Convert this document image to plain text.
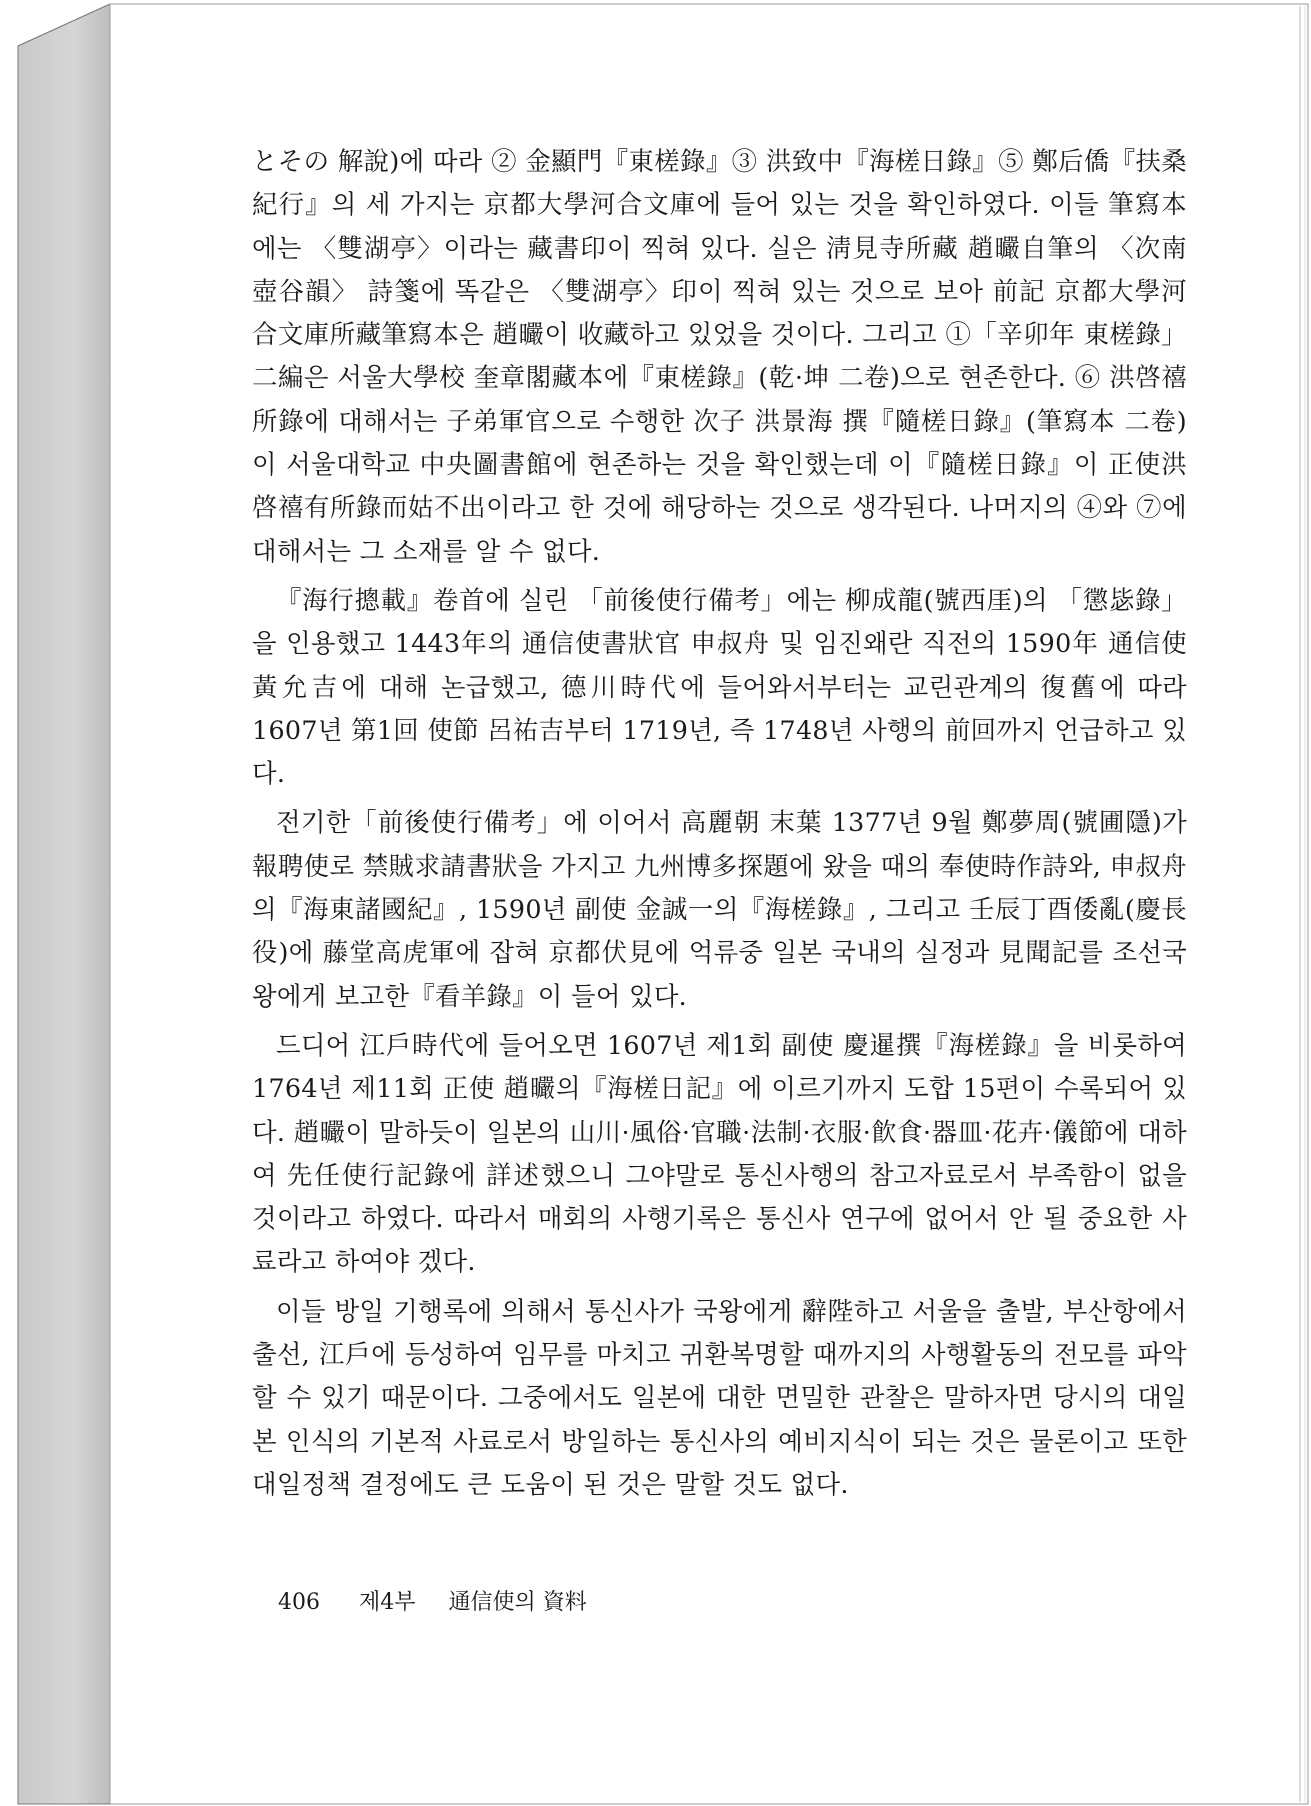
とその 解說)에 따라 ② 金顯門『東槎錄』③ 洪致中『海槎日錄』⑤ 鄭后僑『扶桑紀行』의 세 가지는 京都大學河合文庫에 들어 있는 것을 확인하였다. 이들 筆寫本에는 〈雙湖亭〉이라는 藏書印이 찍혀 있다. 실은 淸見寺所藏 趙曮自筆의 〈次南壺谷韻〉 詩箋에 똑같은 〈雙湖亭〉印이 찍혀 있는 것으로 보아 前記 京都大學河合文庫所藏筆寫本은 趙曮이 收藏하고 있었을 것이다. 그리고 ①「辛卯年 東槎錄」二編은 서울大學校 奎章閣藏本에『東槎錄』(乾·坤 二卷)으로 현존한다. ⑥ 洪啓禧所錄에 대해서는 子弟軍官으로 수행한 次子 洪景海 撰『隨槎日錄』(筆寫本 二卷)이 서울대학교 中央圖書館에 현존하는 것을 확인했는데 이『隨槎日錄』이 正使洪啓禧有所錄而姑不出이라고 한 것에 해당하는 것으로 생각된다. 나머지의 ④와 ⑦에 대해서는 그 소재를 알 수 없다.

『海行摠載』卷首에 실린 「前後使行備考」에는 柳成龍(號西厓)의 「懲毖錄」을 인용했고 1443年의 通信使書狀官 申叔舟 및 임진왜란 직전의 1590年 通信使 黃允吉에 대해 논급했고, 德川時代에 들어와서부터는 교린관계의 復舊에 따라 1607년 第1回 使節 呂祐吉부터 1719년, 즉 1748년 사행의 前回까지 언급하고 있다.

전기한「前後使行備考」에 이어서 高麗朝 末葉 1377년 9월 鄭夢周(號圃隱)가 報聘使로 禁賊求請書狀을 가지고 九州博多探題에 왔을 때의 奉使時作詩와, 申叔舟의『海東諸國紀』, 1590년 副使 金誠一의『海槎錄』, 그리고 壬辰丁酉倭亂(慶長役)에 藤堂高虎軍에 잡혀 京都伏見에 억류중 일본 국내의 실정과 見聞記를 조선국왕에게 보고한『看羊錄』이 들어 있다.

드디어 江戶時代에 들어오면 1607년 제1회 副使 慶暹撰『海槎錄』을 비롯하여 1764년 제11회 正使 趙曮의『海槎日記』에 이르기까지 도합 15편이 수록되어 있다. 趙曮이 말하듯이 일본의 山川·風俗·官職·法制·衣服·飮食·器皿·花卉·儀節에 대하여 先任使行記錄에 詳述했으니 그야말로 통신사행의 참고자료로서 부족함이 없을 것이라고 하였다. 따라서 매회의 사행기록은 통신사 연구에 없어서 안 될 중요한 사료라고 하여야 겠다.

이들 방일 기행록에 의해서 통신사가 국왕에게 辭陛하고 서울을 출발, 부산항에서 출선, 江戶에 등성하여 임무를 마치고 귀환복명할 때까지의 사행활동의 전모를 파악할 수 있기 때문이다. 그중에서도 일본에 대한 면밀한 관찰은 말하자면 당시의 대일본 인식의 기본적 사료로서 방일하는 통신사의 예비지식이 되는 것은 물론이고 또한 대일정책 결정에도 큰 도움이 된 것은 말할 것도 없다.

406 제4부 通信使의 資料
